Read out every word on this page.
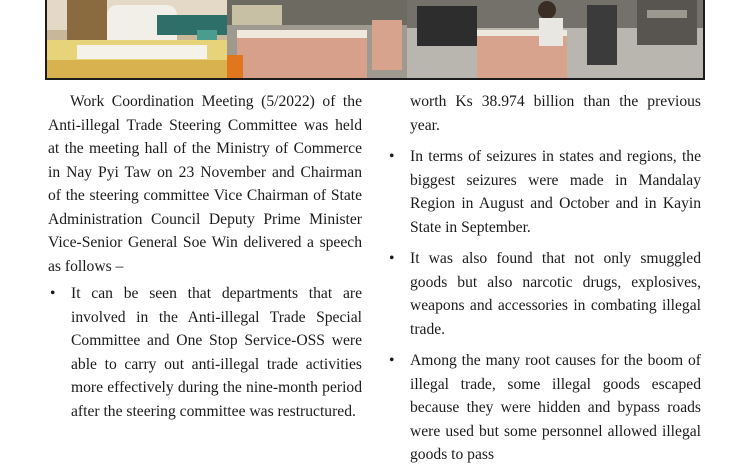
Work Coordination Meeting (5/2022) of the Anti-illegal Trade Steering Committee was held at the meeting hall of the Ministry of Commerce in Nay Pyi Taw on 23 November and Chairman of the steering committee Vice Chairman of State Administration Council Deputy Prime Minister Vice-Senior General Soe Win delivered a speech as follows –

• It can be seen that departments that are involved in the Anti-illegal Trade Special Committee and One Stop Service-OSS were able to carry out anti-illegal trade activities more effectively during the nine-month period after the steering committee was restructured.

worth Ks 38.974 billion than the previous year.

• In terms of seizures in states and regions, the biggest seizures were made in Mandalay Region in August and October and in Kayin State in September.
• It was also found that not only smuggled goods but also narcotic drugs, explosives, weapons and accessories in combating illegal trade.
• Among the many root causes for the boom of illegal trade, some illegal goods escaped because they were hidden and bypass roads were used but some personnel allowed illegal goods to pass
